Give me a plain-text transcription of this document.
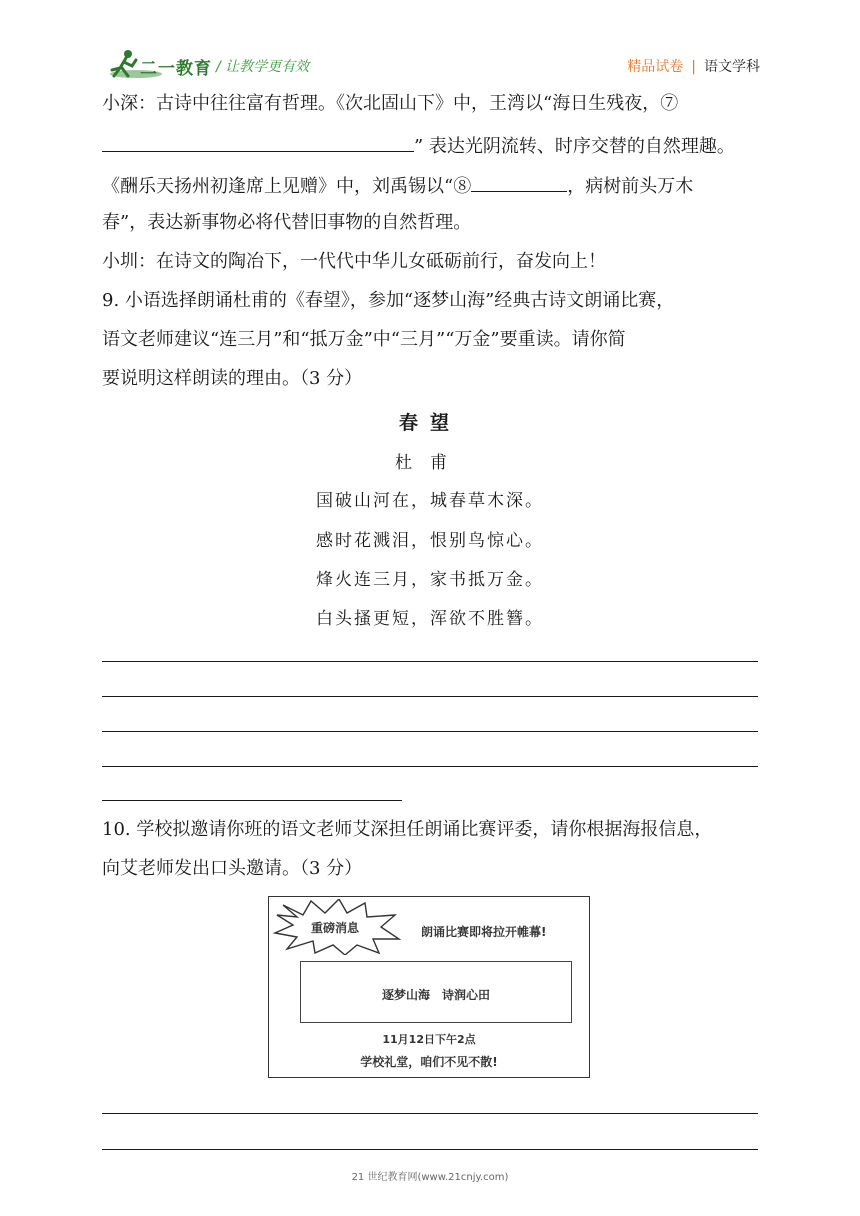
二一教育 / 让教学更有效	精品试卷 | 语文学科
小深：古诗中往往富有哲理。《次北固山下》中，王湾以“海日生残夜，⑦
” 表达光阴流转、时序交替的自然理趣。
《酬乐天扬州初逢席上见赠》中，刘禹锡以“⑧	，病树前头万木
春”，表达新事物必将代替旧事物的自然哲理。
小圳：在诗文的陶冶下，一代代中华儿女砥砺前行，奋发向上！
9. 小语选择朗诵杜甫的《春望》，参加“逐梦山海”经典古诗文朗诵比赛，
语文老师建议“连三月”和“抵万金”中“三月”“万金”要重读。请你简
要说明这样朗读的理由。（3 分）
春望
杜甫
国破山河在，城春草木深。
感时花溅泪，恨别鸟惊心。
烽火连三月，家书抵万金。
白头搔更短，浑欲不胜簪。
10. 学校拟邀请你班的语文老师艾深担任朗诵比赛评委，请你根据海报信息，
向艾老师发出口头邀请。（3 分）
重磅消息	朗诵比赛即将拉开帷幕!
逐梦山海　诗润心田
11月12日下午2点
学校礼堂，咱们不见不散!
21 世纪教育网(www.21cnjy.com)
